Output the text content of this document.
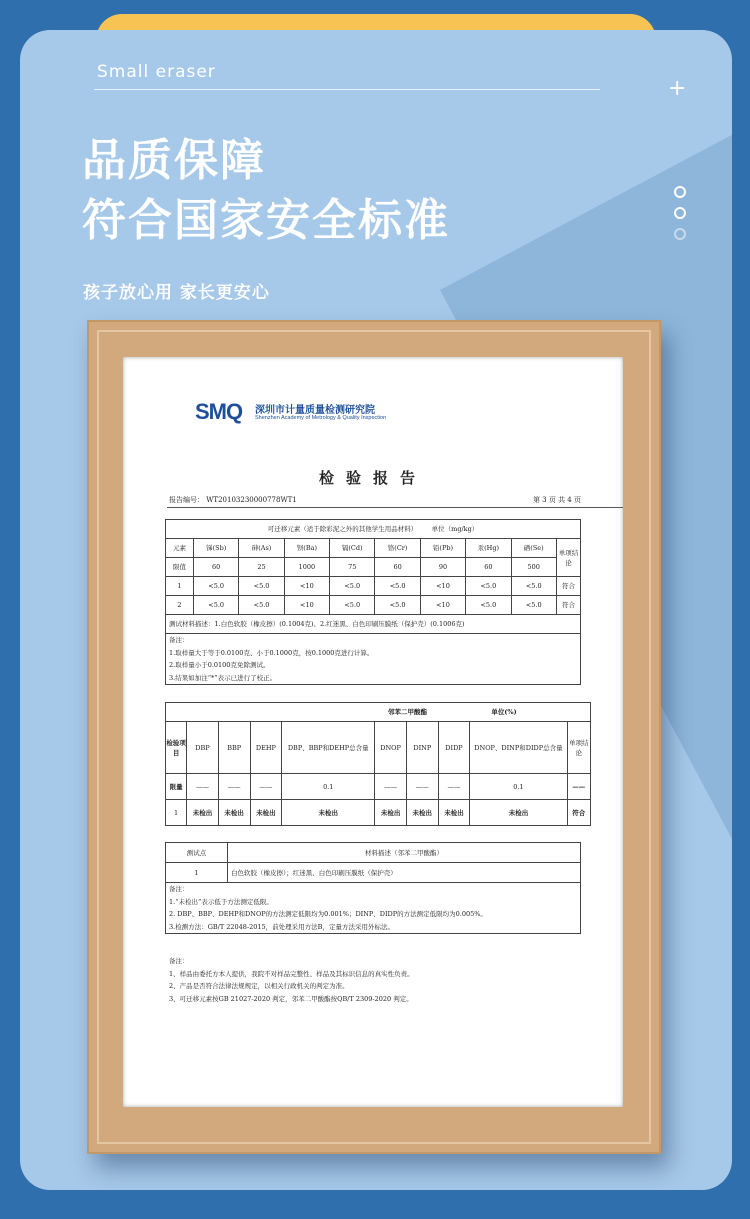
Small eraser
+
品质保障
符合国家安全标准
孩子放心用 家长更安心
SMQ 深圳市计量质量检测研究院
Shenzhen Academy of Metrology & Quality Inspection
检验报告
报告编号： WT20103230000778WT1	第 3 页 共 4 页
可迁移元素（适于除彩泥之外的其他学生用品材料） 单位（mg/kg）									
元素	锑(Sb)	砷(As)	钡(Ba)	镉(Cd)	铬(Cr)	铅(Pb)	汞(Hg)	硒(Se)	单项结论
限值	60	25	1000	75	60	90	60	500	
1	<5.0	<5.0	<10	<5.0	<5.0	<10	<5.0	<5.0	符合
2	<5.0	<5.0	<10	<5.0	<5.0	<10	<5.0	<5.0	符合
测试材料描述：1.白色软胶（橡皮擦）(0.1004克)、2.红迷黑、白色印刷压膜纸（保护壳）(0.1006克)									

备注：
1.取样量大于等于0.0100克、小于0.1000克，按0.1000克进行计算。
2.取样量小于0.0100克免除测试。
3.结果如加注“*”表示已进行了校正。									
邻苯二甲酸酯 单位(%)									
检验项目	DBP	BBP	DEHP	DBP、BBP和DEHP总含量	DNOP	DINP	DIDP	DNOP、DINP和DIDP总含量	单项结论
限量	——	——	——	0.1	——	——	——	0.1	——
1	未检出	未检出	未检出	未检出	未检出	未检出	未检出	未检出	符合
测试点	材料描述（邻苯二甲酸酯）
1	白色软胶（橡皮擦）；红迷黑、白色印刷压膜纸（保护壳）

备注：
1.“未检出”表示低于方法测定低限。
2. DBP、BBP、DEHP和DNOP的方法测定低限均为0.001%；DINP、DIDP的方法测定低限均为0.005%。
3.检测方法：GB/T 22048-2015，前处理采用方法B，定量方法采用外标法。	
备注：
1、样品由委托方本人提供，我院不对样品完整性、样品及其标识信息的真实性负责。
2、产品是否符合法律法规规定，以相关行政机关的判定为准。
3、可迁移元素按GB 21027-2020 判定，邻苯二甲酸酯按QB/T 2309-2020 判定。
